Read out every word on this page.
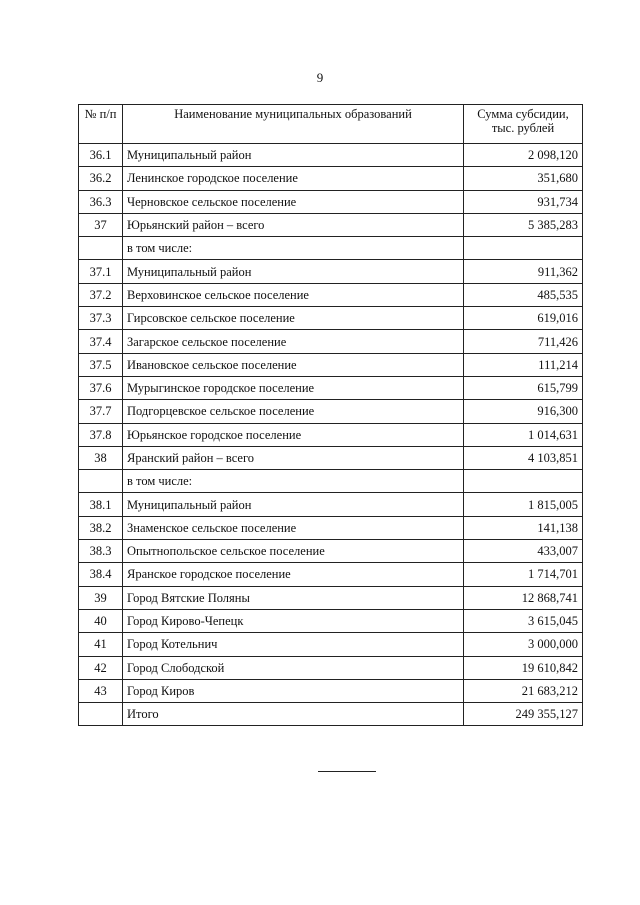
9
№ п/п	Наименование муниципальных образований	Сумма субсидии, тыс. рублей
36.1	Муниципальный район	2 098,120
36.2	Ленинское городское поселение	351,680
36.3	Черновское сельское поселение	931,734
37	Юрьянский район – всего	5 385,283
	в том числе:	
37.1	Муниципальный район	911,362
37.2	Верховинское сельское поселение	485,535
37.3	Гирсовское сельское поселение	619,016
37.4	Загарское сельское поселение	711,426
37.5	Ивановское сельское поселение	111,214
37.6	Мурыгинское городское поселение	615,799
37.7	Подгорцевское сельское поселение	916,300
37.8	Юрьянское городское поселение	1 014,631
38	Яранский район – всего	4 103,851
	в том числе:	
38.1	Муниципальный район	1 815,005
38.2	Знаменское сельское поселение	141,138
38.3	Опытнопольское сельское поселение	433,007
38.4	Яранское городское поселение	1 714,701
39	Город Вятские Поляны	12 868,741
40	Город Кирово-Чепецк	3 615,045
41	Город Котельнич	3 000,000
42	Город Слободской	19 610,842
43	Город Киров	21 683,212
	Итого	249 355,127
